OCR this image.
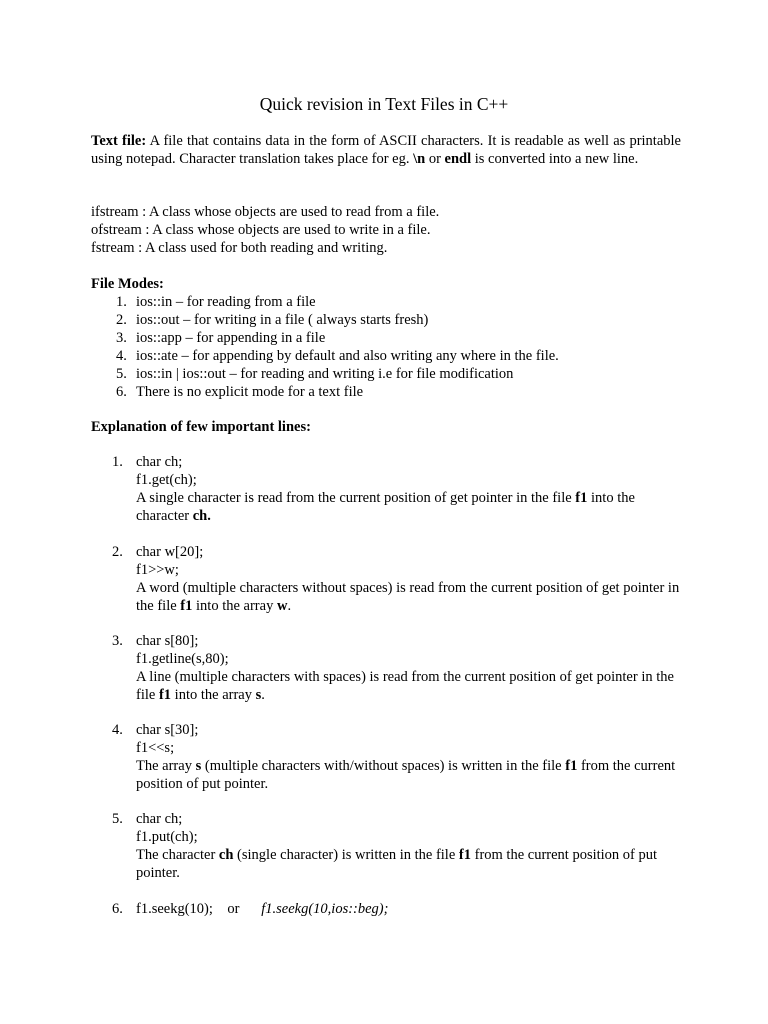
Quick revision in Text Files in C++
Text file: A file that contains data in the form of ASCII characters. It is readable as well as printable using notepad. Character translation takes place for eg. \n or endl is converted into a new line.
ifstream : A class whose objects are used to read from a file.
ofstream : A class whose objects are used to write in a file.
fstream : A class used for both reading and writing.
File Modes:
1. ios::in – for reading from a file
2. ios::out – for writing in a file ( always starts fresh)
3. ios::app – for appending in a file
4. ios::ate – for appending by default and also writing any where in the file.
5. ios::in | ios::out – for reading and writing i.e for file modification
6. There is no explicit mode for a text file
Explanation of few important lines:
1. char ch;

f1.get(ch);

A single character is read from the current position of get pointer in the file f1 into the character ch.

2. char w[20];

f1>>w;

A word (multiple characters without spaces) is read from the current position of get pointer in the file f1 into the array w.

3. char s[80];

f1.getline(s,80);

A line (multiple characters with spaces) is read from the current position of get pointer in the file f1 into the array s.

4. char s[30];

f1<<s;

The array s (multiple characters with/without spaces) is written in the file f1 from the current position of put pointer.

5. char ch;

f1.put(ch);

The character ch (single character) is written in the file f1 from the current position of put pointer.

6. f1.seekg(10);    or      f1.seekg(10,ios::beg);
